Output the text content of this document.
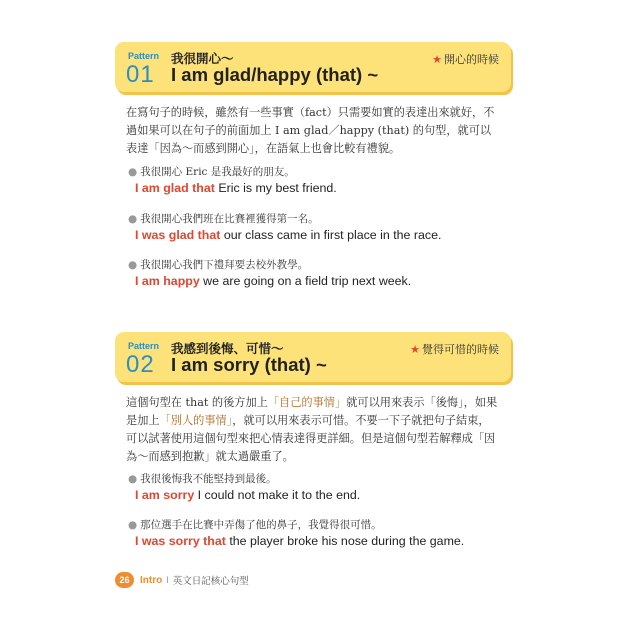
Pattern
01
我很開心～
I am glad/happy (that) ~
★ 開心的時候

在寫句子的時候，雖然有一些事實（fact）只需要如實的表達出來就好，不過如果可以在句子的前面加上 I am glad／happy (that) 的句型，就可以表達「因為～而感到開心」，在語氣上也會比較有禮貌。

● 我很開心 Eric 是我最好的朋友。
I am glad that Eric is my best friend.
● 我很開心我們班在比賽裡獲得第一名。
I was glad that our class came in first place in the race.
● 我很開心我們下禮拜要去校外教學。
I am happy we are going on a field trip next week.
Pattern
02
我感到後悔、可惜～
I am sorry (that) ~
★ 覺得可惜的時候

這個句型在 that 的後方加上「自己的事情」就可以用來表示「後悔」，如果是加上「別人的事情」，就可以用來表示可惜。不要一下子就把句子結束，可以試著使用這個句型來把心情表達得更詳細。但是這個句型若解釋成「因為～而感到抱歉」就太過嚴重了。

● 我很後悔我不能堅持到最後。
I am sorry I could not make it to the end.
● 那位選手在比賽中弄傷了他的鼻子，我覺得很可惜。
I was sorry that the player broke his nose during the game.
26	Intro I 英文日記核心句型
